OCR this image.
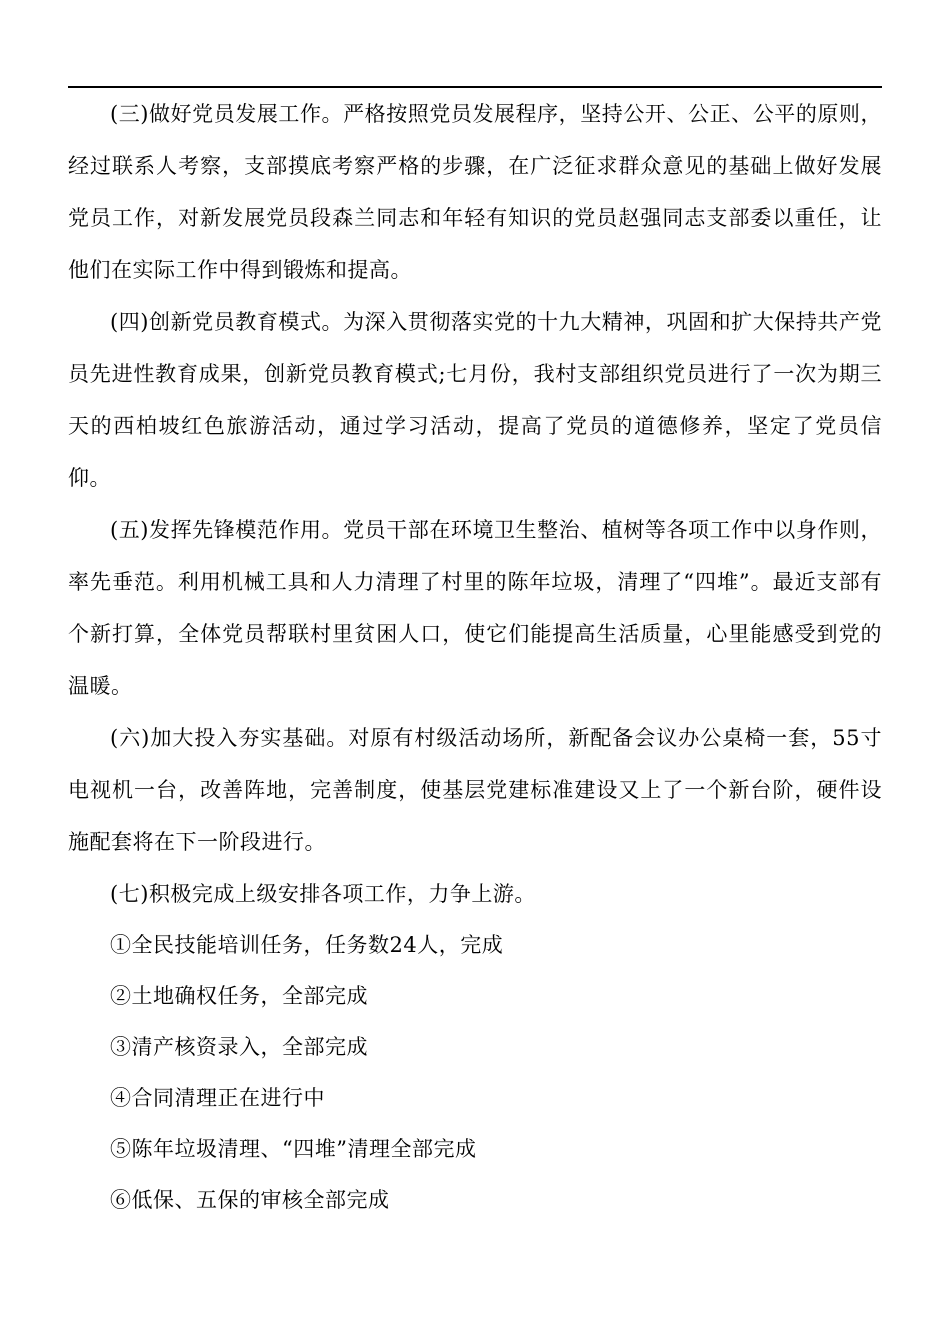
(三)做好党员发展工作。严格按照党员发展程序，坚持公开、公正、公平的原则，经过联系人考察，支部摸底考察严格的步骤，在广泛征求群众意见的基础上做好发展党员工作，对新发展党员段森兰同志和年轻有知识的党员赵强同志支部委以重任，让他们在实际工作中得到锻炼和提高。

(四)创新党员教育模式。为深入贯彻落实党的十九大精神，巩固和扩大保持共产党员先进性教育成果，创新党员教育模式;七月份，我村支部组织党员进行了一次为期三天的西柏坡红色旅游活动，通过学习活动，提高了党员的道德修养，坚定了党员信仰。

(五)发挥先锋模范作用。党员干部在环境卫生整治、植树等各项工作中以身作则，率先垂范。利用机械工具和人力清理了村里的陈年垃圾，清理了“四堆”。最近支部有个新打算，全体党员帮联村里贫困人口，使它们能提高生活质量，心里能感受到党的温暖。

(六)加大投入夯实基础。对原有村级活动场所，新配备会议办公桌椅一套，55寸电视机一台，改善阵地，完善制度，使基层党建标准建设又上了一个新台阶，硬件设施配套将在下一阶段进行。

(七)积极完成上级安排各项工作，力争上游。

①全民技能培训任务，任务数24人，完成

②土地确权任务，全部完成

③清产核资录入，全部完成

④合同清理正在进行中

⑤陈年垃圾清理、“四堆”清理全部完成

⑥低保、五保的审核全部完成
